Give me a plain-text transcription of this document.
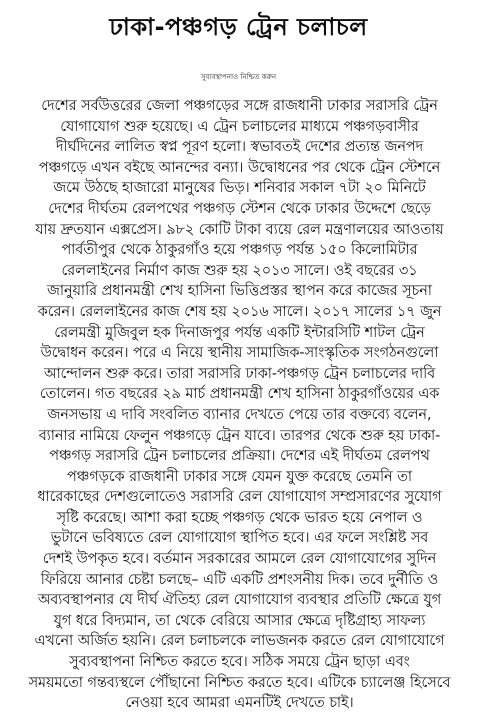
ঢাকা-পঞ্চগড় ট্রেন চলাচল
সুব্যবস্থাপনাও নিশ্চিত করুন
দেশের সর্বউত্তরের জেলা পঞ্চগড়ের সঙ্গে রাজধানী ঢাকার সরাসরি ট্রেন
যোগাযোগ শুরু হয়েছে। এ ট্রেন চলাচলের মাধ্যমে পঞ্চগড়বাসীর
দীর্ঘদিনের লালিত স্বপ্ন পূরণ হলো। স্বভাবতই দেশের প্রত্যন্ত জনপদ
পঞ্চগড়ে এখন বইছে আনন্দের বন্যা। উদ্বোধনের পর থেকে ট্রেন স্টেশনে
জমে উঠছে হাজারো মানুষের ভিড়। শনিবার সকাল ৭টা ২০ মিনিটে
দেশের দীর্ঘতম রেলপথের পঞ্চগড় স্টেশন থেকে ঢাকার উদ্দেশে ছেড়ে
যায় দ্রুতযান এক্সপ্রেস। ৯৮২ কোটি টাকা ব্যয়ে রেল মন্ত্রণালয়ের আওতায়
পার্বতীপুর থেকে ঠাকুরগাঁও হয়ে পঞ্চগড় পর্যন্ত ১৫০ কিলোমিটার
রেললাইনের নির্মাণ কাজ শুরু হয় ২০১৩ সালে। ওই বছরের ৩১
জানুয়ারি প্রধানমন্ত্রী শেখ হাসিনা ভিত্তিপ্রস্তর স্থাপন করে কাজের সূচনা
করেন। রেললাইনের কাজ শেষ হয় ২০১৬ সালে। ২০১৭ সালের ১৭ জুন
রেলমন্ত্রী মুজিবুল হক দিনাজপুর পর্যন্ত একটি ইন্টারসিটি শাটল ট্রেন
উদ্বোধন করেন। পরে এ নিয়ে স্থানীয় সামাজিক-সাংস্কৃতিক সংগঠনগুলো
আন্দোলন শুরু করে। তারা সরাসরি ঢাকা-পঞ্চগড় ট্রেন চলাচলের দাবি
তোলেন। গত বছরের ২৯ মার্চ প্রধানমন্ত্রী শেখ হাসিনা ঠাকুরগাঁওয়ের এক
জনসভায় এ দাবি সংবলিত ব্যানার দেখতে পেয়ে তার বক্তব্যে বলেন,
ব্যানার নামিয়ে ফেলুন পঞ্চগড়ে ট্রেন যাবে। তারপর থেকে শুরু হয় ঢাকা-
পঞ্চগড় সরাসরি ট্রেন চলাচলের প্রক্রিয়া। দেশের এই দীর্ঘতম রেলপথ
পঞ্চগড়কে রাজধানী ঢাকার সঙ্গে যেমন যুক্ত করেছে তেমনি তা
ধারেকাছের দেশগুলোতেও সরাসরি রেল যোগাযোগ সম্প্রসারণের সুযোগ
সৃষ্টি করেছে। আশা করা হচ্ছে পঞ্চগড় থেকে ভারত হয়ে নেপাল ও
ভুটানে ভবিষ্যতে রেল যোগাযোগ স্থাপিত হবে। এর ফলে সংশ্লিষ্ট সব
দেশই উপকৃত হবে। বর্তমান সরকারের আমলে রেল যোগাযোগের সুদিন
ফিরিয়ে আনার চেষ্টা চলছে– এটি একটি প্রশংসনীয় দিক। তবে দুর্নীতি ও
অব্যবস্থাপনার যে দীর্ঘ ঐতিহ্য রেল যোগাযোগ ব্যবস্থার প্রতিটি ক্ষেত্রে যুগ
যুগ ধরে বিদ্যমান, তা থেকে বেরিয়ে আসার ক্ষেত্রে দৃষ্টিগ্রাহ্য সাফল্য
এখনো অর্জিত হয়নি। রেল চলাচলকে লাভজনক করতে রেল যোগাযোগে
সুব্যবস্থাপনা নিশ্চিত করতে হবে। সঠিক সময়ে ট্রেন ছাড়া এবং
সময়মতো গন্তব্যস্থলে পৌঁছানো নিশ্চিত করতে হবে। এটিকে চ্যালেঞ্জ হিসেবে
নেওয়া হবে আমরা এমনটিই দেখতে চাই।
